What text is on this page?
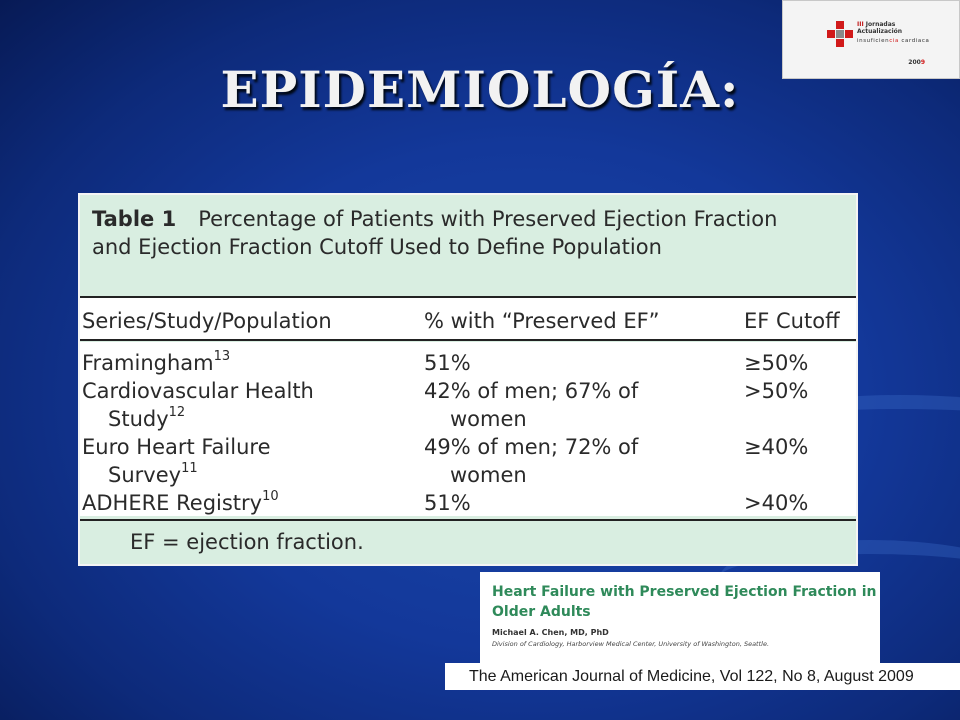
EPIDEMIOLOGÍA:
III Jornadas
Actualización
insuficiencia cardiaca
2009
Table 1 Percentage of Patients with Preserved Ejection Fraction and Ejection Fraction Cutoff Used to Define Population
Series/Study/Population	% with “Preserved EF”	EF Cutoff
Framingham$^{13}$	51%	≥50%
Cardiovascular Health	42% of men; 67% of	>50%
Study$^{12}$	women
Euro Heart Failure	49% of men; 72% of	≥40%
Survey$^{11}$	women
ADHERE Registry$^{10}$	51%	>40%
EF = ejection fraction.
Heart Failure with Preserved Ejection Fraction in Older Adults
Michael A. Chen, MD, PhD
Division of Cardiology, Harborview Medical Center, University of Washington, Seattle.
The American Journal of Medicine, Vol 122, No 8, August 2009
